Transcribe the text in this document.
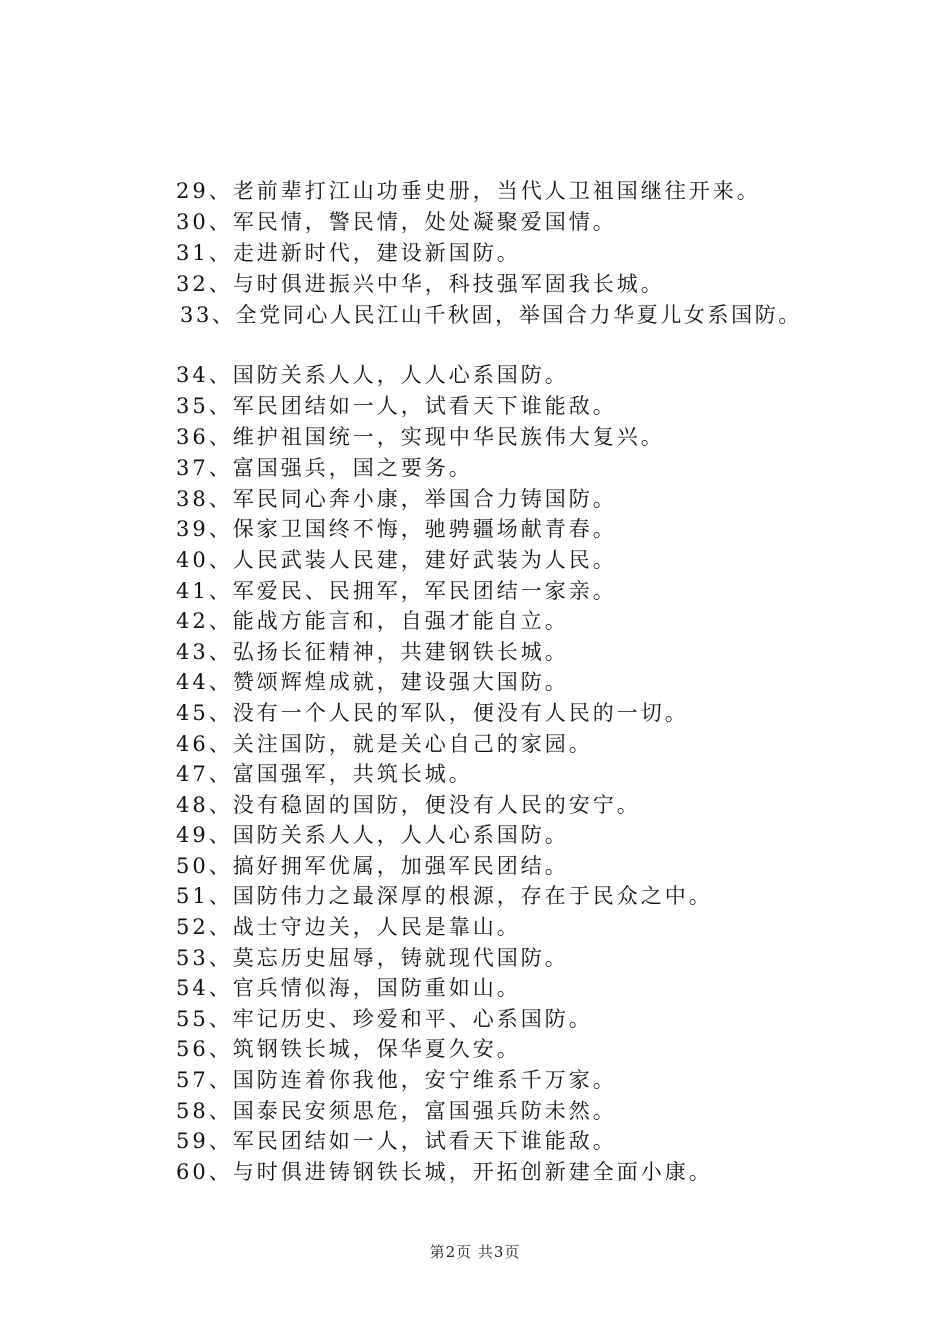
29、老前辈打江山功垂史册，当代人卫祖国继往开来。
30、军民情，警民情，处处凝聚爱国情。
31、走进新时代，建设新国防。
32、与时俱进振兴中华，科技强军固我长城。
33、全党同心人民江山千秋固，举国合力华夏儿女系国防。
34、国防关系人人，人人心系国防。
35、军民团结如一人，试看天下谁能敌。
36、维护祖国统一，实现中华民族伟大复兴。
37、富国强兵，国之要务。
38、军民同心奔小康，举国合力铸国防。
39、保家卫国终不悔，驰骋疆场献青春。
40、人民武装人民建，建好武装为人民。
41、军爱民、民拥军，军民团结一家亲。
42、能战方能言和，自强才能自立。
43、弘扬长征精神，共建钢铁长城。
44、赞颂辉煌成就，建设强大国防。
45、没有一个人民的军队，便没有人民的一切。
46、关注国防，就是关心自己的家园。
47、富国强军，共筑长城。
48、没有稳固的国防，便没有人民的安宁。
49、国防关系人人，人人心系国防。
50、搞好拥军优属，加强军民团结。
51、国防伟力之最深厚的根源，存在于民众之中。
52、战士守边关，人民是靠山。
53、莫忘历史屈辱，铸就现代国防。
54、官兵情似海，国防重如山。
55、牢记历史、珍爱和平、心系国防。
56、筑钢铁长城，保华夏久安。
57、国防连着你我他，安宁维系千万家。
58、国泰民安须思危，富国强兵防未然。
59、军民团结如一人，试看天下谁能敌。
60、与时俱进铸钢铁长城，开拓创新建全面小康。
第2页 共3页
